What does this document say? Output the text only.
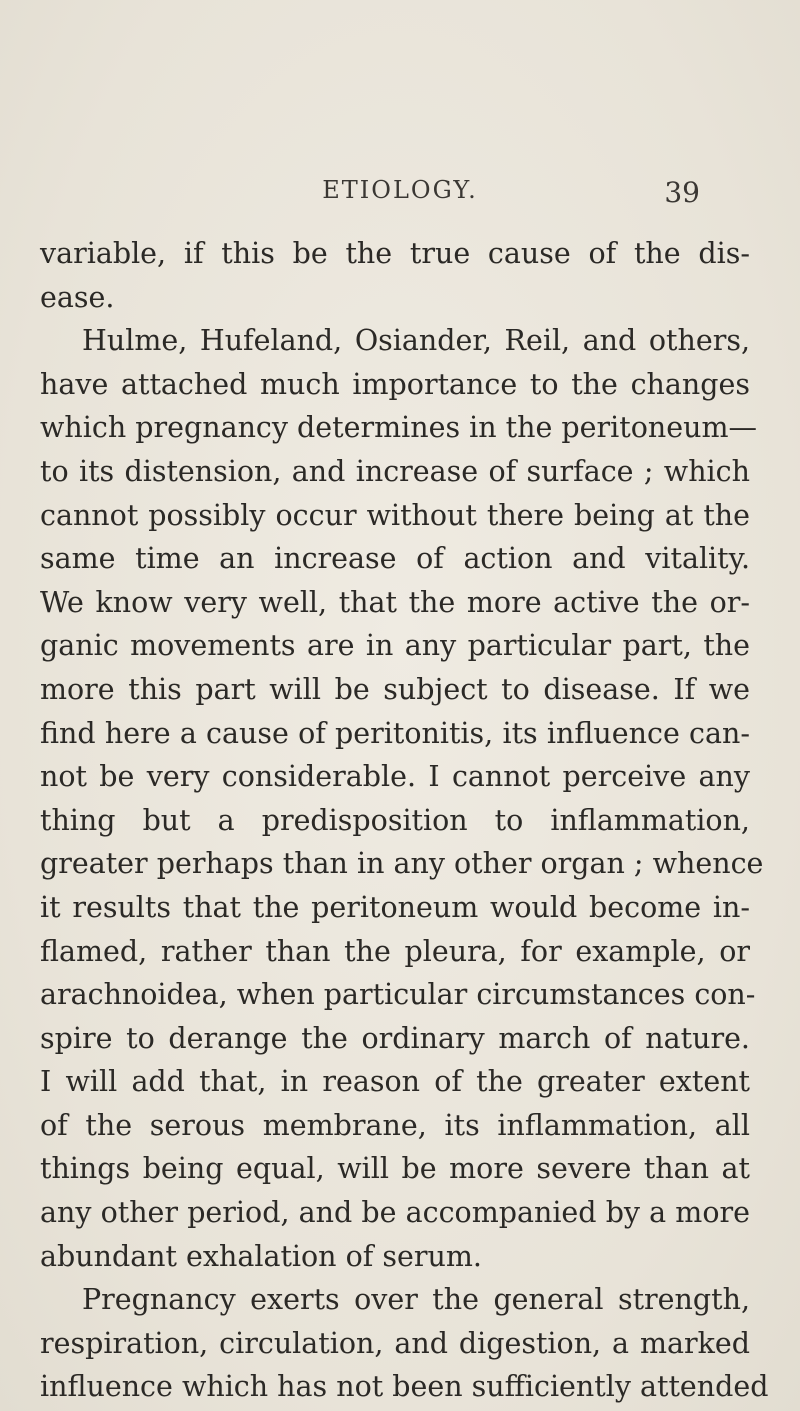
ETIOLOGY.	39
variable, if this be the true cause of the dis-
ease.
Hulme, Hufeland, Osiander, Reil, and others,
have attached much importance to the changes
which pregnancy determines in the peritoneum—
to its distension, and increase of surface ; which
cannot possibly occur without there being at the
same time an increase of action and vitality.
We know very well, that the more active the or-
ganic movements are in any particular part, the
more this part will be subject to disease. If we
find here a cause of peritonitis, its influence can-
not be very considerable. I cannot perceive any
thing but a predisposition to inflammation,
greater perhaps than in any other organ ; whence
it results that the peritoneum would become in-
flamed, rather than the pleura, for example, or
arachnoidea, when particular circumstances con-
spire to derange the ordinary march of nature.
I will add that, in reason of the greater extent
of the serous membrane, its inflammation, all
things being equal, will be more severe than at
any other period, and be accompanied by a more
abundant exhalation of serum.
Pregnancy exerts over the general strength,
respiration, circulation, and digestion, a marked
influence which has not been sufficiently attended
